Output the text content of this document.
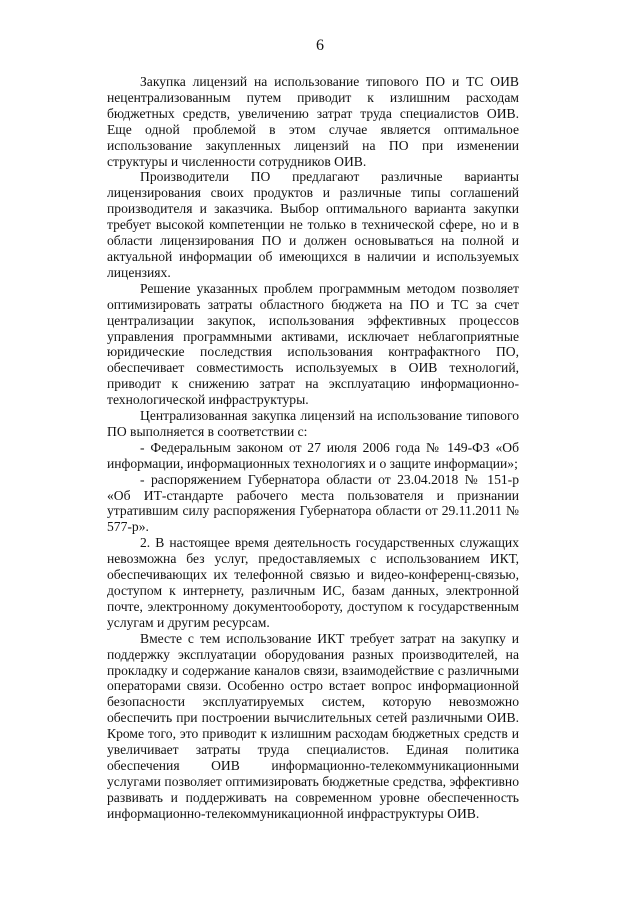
6

Закупка лицензий на использование типового ПО и ТС ОИВ нецентрализованным путем приводит к излишним расходам бюджетных средств, увеличению затрат труда специалистов ОИВ. Еще одной проблемой в этом случае является оптимальное использование закупленных лицензий на ПО при изменении структуры и численности сотрудников ОИВ.

Производители ПО предлагают различные варианты лицензирования своих продуктов и различные типы соглашений производителя и заказчика. Выбор оптимального варианта закупки требует высокой компетенции не только в технической сфере, но и в области лицензирования ПО и должен основываться на полной и актуальной информации об имеющихся в наличии и используемых лицензиях.

Решение указанных проблем программным методом позволяет оптимизировать затраты областного бюджета на ПО и ТС за счет централизации закупок, использования эффективных процессов управления программными активами, исключает неблагоприятные юридические последствия использования контрафактного ПО, обеспечивает совместимость используемых в ОИВ технологий, приводит к снижению затрат на эксплуатацию информационно-технологической инфраструктуры.

Централизованная закупка лицензий на использование типового ПО выполняется в соответствии с:

- Федеральным законом от 27 июля 2006 года № 149-ФЗ «Об информации, информационных технологиях и о защите информации»;

- распоряжением Губернатора области от 23.04.2018 № 151-р «Об ИТ-стандарте рабочего места пользователя и признании утратившим силу распоряжения Губернатора области от 29.11.2011 № 577-р».

2. В настоящее время деятельность государственных служащих невозможна без услуг, предоставляемых с использованием ИКТ, обеспечивающих их телефонной связью и видео-конференц-связью, доступом к интернету, различным ИС, базам данных, электронной почте, электронному документообороту, доступом к государственным услугам и другим ресурсам.

Вместе с тем использование ИКТ требует затрат на закупку и поддержку эксплуатации оборудования разных производителей, на прокладку и содержание каналов связи, взаимодействие с различными операторами связи. Особенно остро встает вопрос информационной безопасности эксплуатируемых систем, которую невозможно обеспечить при построении вычислительных сетей различными ОИВ. Кроме того, это приводит к излишним расходам бюджетных средств и увеличивает затраты труда специалистов. Единая политика обеспечения ОИВ информационно-телекоммуникационными услугами позволяет оптимизировать бюджетные средства, эффективно развивать и поддерживать на современном уровне обеспеченность информационно-телекоммуникационной инфраструктуры ОИВ.
